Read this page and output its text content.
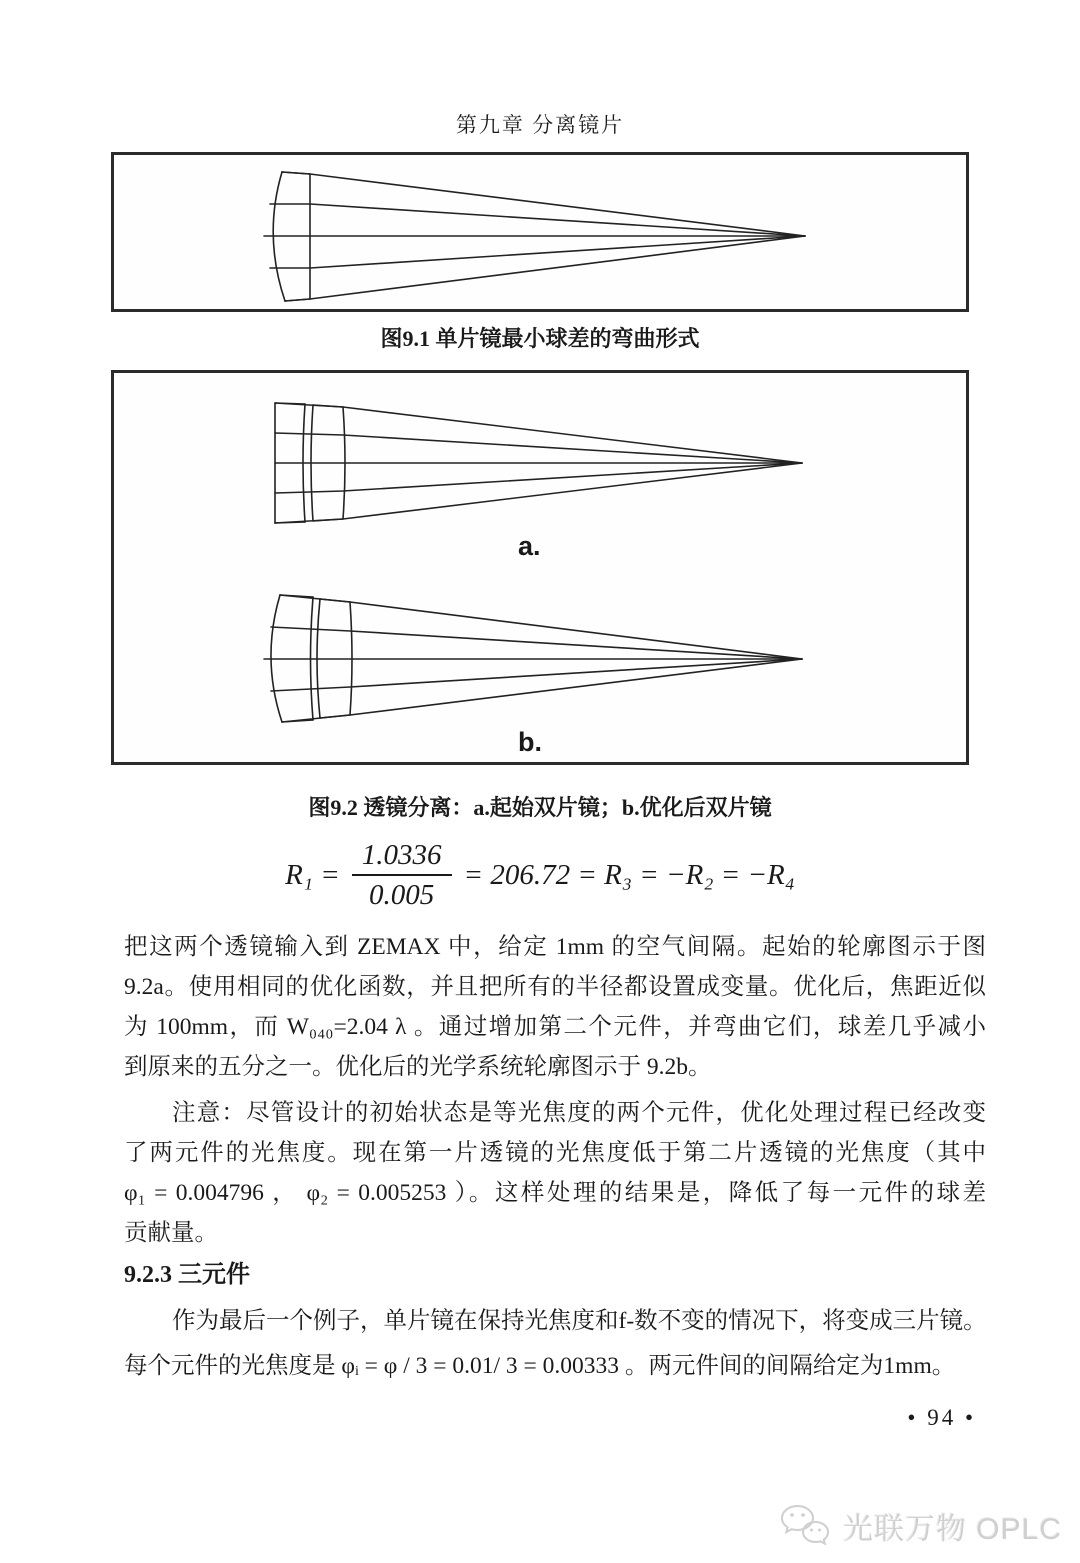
第九章 分离镜片
图9.1 单片镜最小球差的弯曲形式
a.
b.
图9.2 透镜分离：a.起始双片镜；b.优化后双片镜
$R_1 = \frac{1.0336}{0.005} = 206.72 = R_3 = -R_2 = -R_4$
把这两个透镜输入到 ZEMAX 中，给定 1mm 的空气间隔。起始的轮廓图示于图
9.2a。使用相同的优化函数，并且把所有的半径都设置成变量。优化后，焦距近似
为 100mm，而 W₀₄₀=2.04 λ 。通过增加第二个元件，并弯曲它们，球差几乎减小
到原来的五分之一。优化后的光学系统轮廓图示于 9.2b。
注意：尽管设计的初始状态是等光焦度的两个元件，优化处理过程已经改变
了两元件的光焦度。现在第一片透镜的光焦度低于第二片透镜的光焦度（其中
φ₁ = 0.004796 ， φ₂ = 0.005253 ）。这样处理的结果是，降低了每一元件的球差
贡献量。
9.2.3 三元件
作为最后一个例子，单片镜在保持光焦度和f-数不变的情况下，将变成三片镜。
每个元件的光焦度是 φᵢ = φ / 3 = 0.01/ 3 = 0.00333 。两元件间的间隔给定为1mm。
• 94 •
光联万物 OPLC
